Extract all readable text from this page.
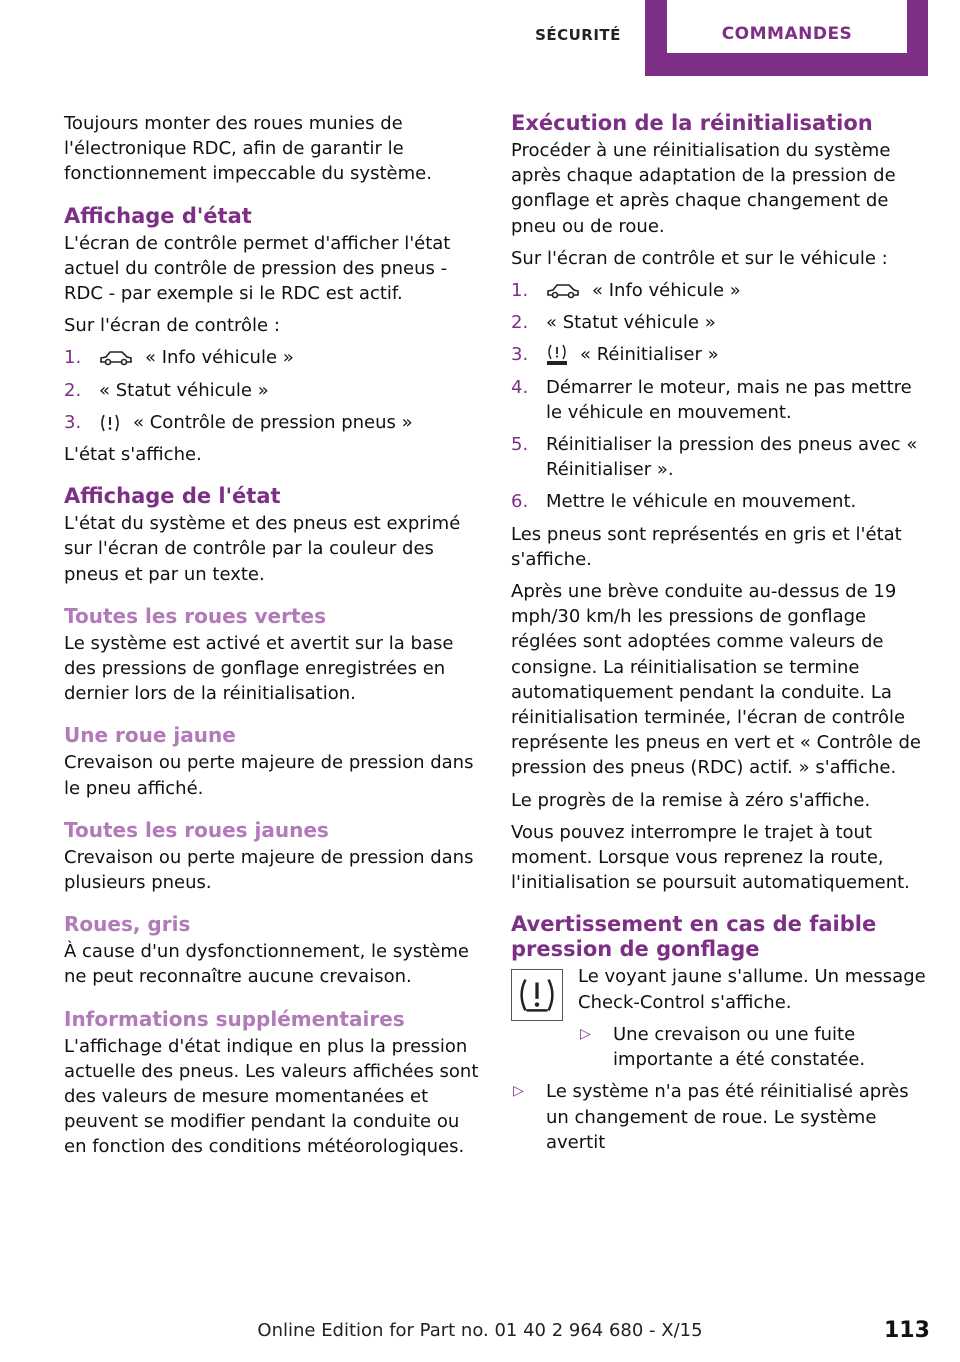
SÉCURITÉ	COMMANDES

Toujours monter des roues munies de l'électronique RDC, afin de garantir le fonctionnement impeccable du système.

Affichage d'état

L'écran de contrôle permet d'afficher l'état actuel du contrôle de pression des pneus - RDC - par exemple si le RDC est actif.

Sur l'écran de contrôle :

1.	« Info véhicule »
2. « Statut véhicule »
3.	« Contrôle de pression pneus »

L'état s'affiche.

Affichage de l'état

L'état du système et des pneus est exprimé sur l'écran de contrôle par la couleur des pneus et par un texte.

Toutes les roues vertes

Le système est activé et avertit sur la base des pressions de gonflage enregistrées en dernier lors de la réinitialisation.

Une roue jaune

Crevaison ou perte majeure de pression dans le pneu affiché.

Toutes les roues jaunes

Crevaison ou perte majeure de pression dans plusieurs pneus.

Roues, gris

À cause d'un dysfonctionnement, le système ne peut reconnaître aucune crevaison.

Informations supplémentaires

L'affichage d'état indique en plus la pression actuelle des pneus. Les valeurs affichées sont des valeurs de mesure momentanées et peuvent se modifier pendant la conduite ou en fonction des conditions météorologiques.

Exécution de la réinitialisation

Procéder à une réinitialisation du système après chaque adaptation de la pression de gonflage et après chaque changement de pneu ou de roue.

Sur l'écran de contrôle et sur le véhicule :

1.	« Info véhicule »
2. « Statut véhicule »
3.	« Réinitialiser »
4. Démarrer le moteur, mais ne pas mettre le véhicule en mouvement.
5. Réinitialiser la pression des pneus avec « Réinitialiser ».
6. Mettre le véhicule en mouvement.

Les pneus sont représentés en gris et l'état s'affiche.

Après une brève conduite au-dessus de 19 mph/30 km/h les pressions de gonflage réglées sont adoptées comme valeurs de consigne. La réinitialisation se termine automatiquement pendant la conduite. La réinitialisation terminée, l'écran de contrôle représente les pneus en vert et « Contrôle de pression des pneus (RDC) actif. » s'affiche.

Le progrès de la remise à zéro s'affiche.

Vous pouvez interrompre le trajet à tout moment. Lorsque vous reprenez la route, l'initialisation se poursuit automatiquement.

Avertissement en cas de faible pression de gonflage

Le voyant jaune s'allume. Un message Check-Control s'affiche.

▷ Une crevaison ou une fuite importante a été constatée.
▷ Le système n'a pas été réinitialisé après un changement de roue. Le système avertit
Online Edition for Part no. 01 40 2 964 680 - X/15	113
